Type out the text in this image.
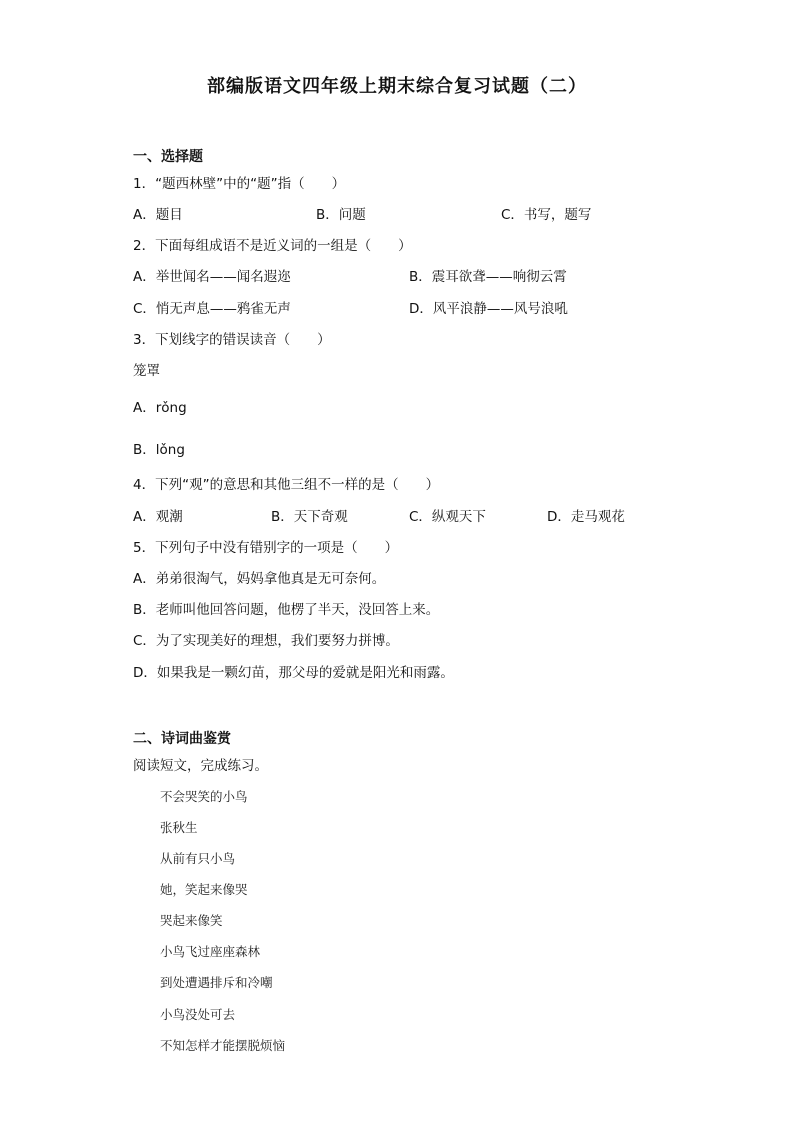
部编版语文四年级上期末综合复习试题（二）
一、选择题
1．“题西林壁”中的“题”指（　　）
A．题目	B．问题	C．书写，题写
2．下面每组成语不是近义词的一组是（　　）
A．举世闻名——闻名遐迩	B．震耳欲聋——响彻云霄
C．悄无声息——鸦雀无声	D．风平浪静——风号浪吼
3．下划线字的错误读音（　　）
笼罩
A．rǒng
B．lǒng
4．下列“观”的意思和其他三组不一样的是（　　）
A．观潮	B．天下奇观	C．纵观天下	D．走马观花
5．下列句子中没有错别字的一项是（　　）
A．弟弟很淘气，妈妈拿他真是无可奈何。
B．老师叫他回答问题，他楞了半天，没回答上来。
C．为了实现美好的理想，我们要努力拼博。
D．如果我是一颗幻苗，那父母的爱就是阳光和雨露。
二、诗词曲鉴赏
阅读短文，完成练习。
不会哭笑的小鸟
张秋生
从前有只小鸟
她，笑起来像哭
哭起来像笑
小鸟飞过座座森林
到处遭遇排斥和冷嘲
小鸟没处可去
不知怎样才能摆脱烦恼
